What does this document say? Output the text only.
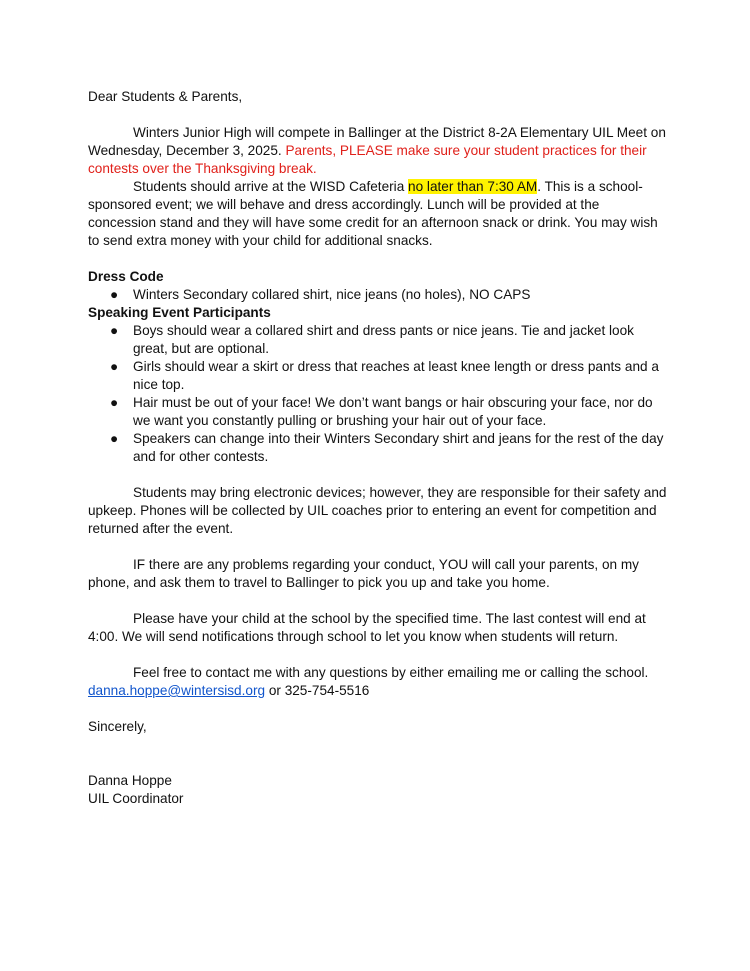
Dear Students & Parents,

Winters Junior High will compete in Ballinger at the District 8-2A Elementary UIL Meet on Wednesday, December 3, 2025. Parents, PLEASE make sure your student practices for their contests over the Thanksgiving break.

Students should arrive at the WISD Cafeteria no later than 7:30 AM. This is a school-sponsored event; we will behave and dress accordingly. Lunch will be provided at the concession stand and they will have some credit for an afternoon snack or drink. You may wish to send extra money with your child for additional snacks.

Dress Code

● Winters Secondary collared shirt, nice jeans (no holes), NO CAPS

Speaking Event Participants

● Boys should wear a collared shirt and dress pants or nice jeans. Tie and jacket look great, but are optional.
● Girls should wear a skirt or dress that reaches at least knee length or dress pants and a nice top.
● Hair must be out of your face! We don’t want bangs or hair obscuring your face, nor do we want you constantly pulling or brushing your hair out of your face.
● Speakers can change into their Winters Secondary shirt and jeans for the rest of the day and for other contests.

Students may bring electronic devices; however, they are responsible for their safety and upkeep. Phones will be collected by UIL coaches prior to entering an event for competition and returned after the event.

IF there are any problems regarding your conduct, YOU will call your parents, on my phone, and ask them to travel to Ballinger to pick you up and take you home.

Please have your child at the school by the specified time. The last contest will end at 4:00. We will send notifications through school to let you know when students will return.

Feel free to contact me with any questions by either emailing me or calling the school.

danna.hoppe@wintersisd.org or 325-754-5516

Sincerely,

Danna Hoppe

UIL Coordinator
